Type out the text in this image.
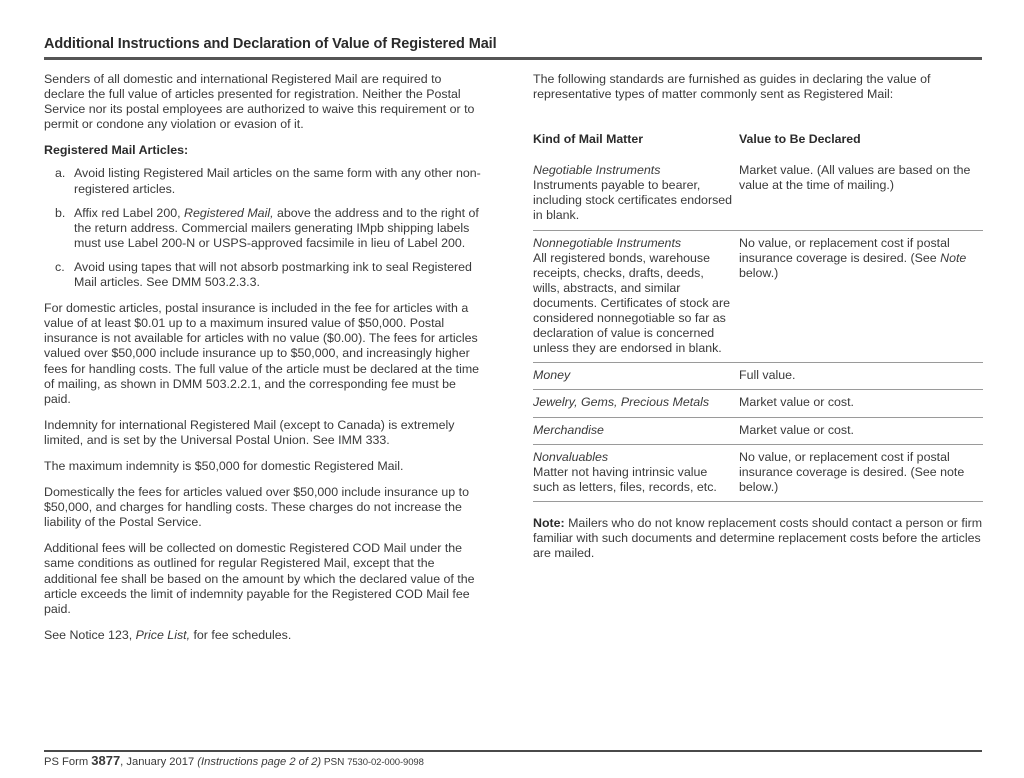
Additional Instructions and Declaration of Value of Registered Mail

Senders of all domestic and international Registered Mail are required to declare the full value of articles presented for registration. Neither the Postal Service nor its postal employees are authorized to waive this requirement or to permit or condone any violation or evasion of it.

Registered Mail Articles:

a. Avoid listing Registered Mail articles on the same form with any other non-registered articles.
b. Affix red Label 200, Registered Mail, above the address and to the right of the return address. Commercial mailers generating IMpb shipping labels must use Label 200-N or USPS-approved facsimile in lieu of Label 200.
c. Avoid using tapes that will not absorb postmarking ink to seal Registered Mail articles. See DMM 503.2.3.3.

For domestic articles, postal insurance is included in the fee for articles with a value of at least $0.01 up to a maximum insured value of $50,000. Postal insurance is not available for articles with no value ($0.00). The fees for articles valued over $50,000 include insurance up to $50,000, and increasingly higher fees for handling costs. The full value of the article must be declared at the time of mailing, as shown in DMM 503.2.2.1, and the corresponding fee must be paid.

Indemnity for international Registered Mail (except to Canada) is extremely limited, and is set by the Universal Postal Union. See IMM 333.

The maximum indemnity is $50,000 for domestic Registered Mail.

Domestically the fees for articles valued over $50,000 include insurance up to $50,000, and charges for handling costs. These charges do not increase the liability of the Postal Service.

Additional fees will be collected on domestic Registered COD Mail under the same conditions as outlined for regular Registered Mail, except that the additional fee shall be based on the amount by which the declared value of the article exceeds the limit of indemnity payable for the Registered COD Mail fee paid.

See Notice 123, Price List, for fee schedules.

The following standards are furnished as guides in declaring the value of representative types of matter commonly sent as Registered Mail:

Kind of Mail Matter	Value to Be Declared

Negotiable Instruments
Instruments payable to bearer, including stock certificates endorsed in blank.	Market value. (All values are based on the value at the time of mailing.)

Nonnegotiable Instruments
All registered bonds, warehouse receipts, checks, drafts, deeds, wills, abstracts, and similar documents. Certificates of stock are considered nonnegotiable so far as declaration of value is concerned unless they are endorsed in blank.	No value, or replacement cost if postal insurance coverage is desired. (See Note below.)

Money	Full value.

Jewelry, Gems, Precious Metals	Market value or cost.

Merchandise	Market value or cost.

Nonvaluables
Matter not having intrinsic value such as letters, files, records, etc.	No value, or replacement cost if postal insurance coverage is desired. (See note below.)
Note: Mailers who do not know replacement costs should contact a person or firm familiar with such documents and determine replacement costs before the articles are mailed.
PS Form 3877, January 2017 (Instructions page 2 of 2) PSN 7530-02-000-9098
